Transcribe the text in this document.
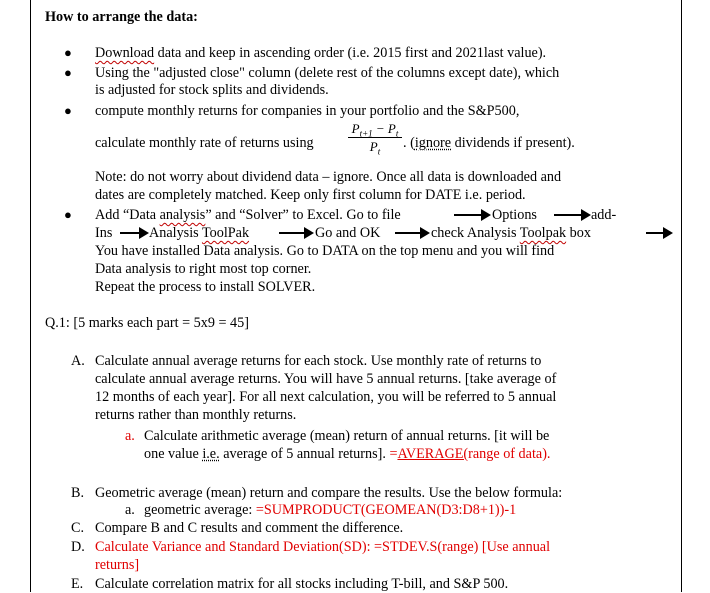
How to arrange the data:
● Download data and keep in ascending order (i.e. 2015 first and 2021last value).
● Using the "adjusted close" column (delete rest of the columns except date), which
is adjusted for stock splits and dividends.
● compute monthly returns for companies in your portfolio and the S&P500,
calculate monthly rate of returns using
$P_{t+1} - P_t$
$P_t$
. (ignore dividends if present).
Note: do not worry about dividend data – ignore. Once all data is downloaded and
dates are completely matched. Keep only first column for DATE i.e. period.
● Add “Data analysis” and “Solver” to Excel. Go to file	Options	add-
Ins	Analysis ToolPak	Go and OK	check Analysis Toolpak box
You have installed Data analysis. Go to DATA on the top menu and you will find
Data analysis to right most top corner.
Repeat the process to install SOLVER.
Q.1: [5 marks each part = 5x9 = 45]
A. Calculate annual average returns for each stock. Use monthly rate of returns to
calculate annual average returns. You will have 5 annual returns. [take average of
12 months of each year]. For all next calculation, you will be referred to 5 annual
returns rather than monthly returns.
a. Calculate arithmetic average (mean) return of annual returns. [it will be
one value i.e. average of 5 annual returns]. =AVERAGE(range of data).
B. Geometric average (mean) return and compare the results. Use the below formula:
a. geometric average: =SUMPRODUCT(GEOMEAN(D3:D8+1))-1
C. Compare B and C results and comment the difference.
D. Calculate Variance and Standard Deviation(SD): =STDEV.S(range) [Use annual
returns]
E. Calculate correlation matrix for all stocks including T-bill, and S&P 500.
